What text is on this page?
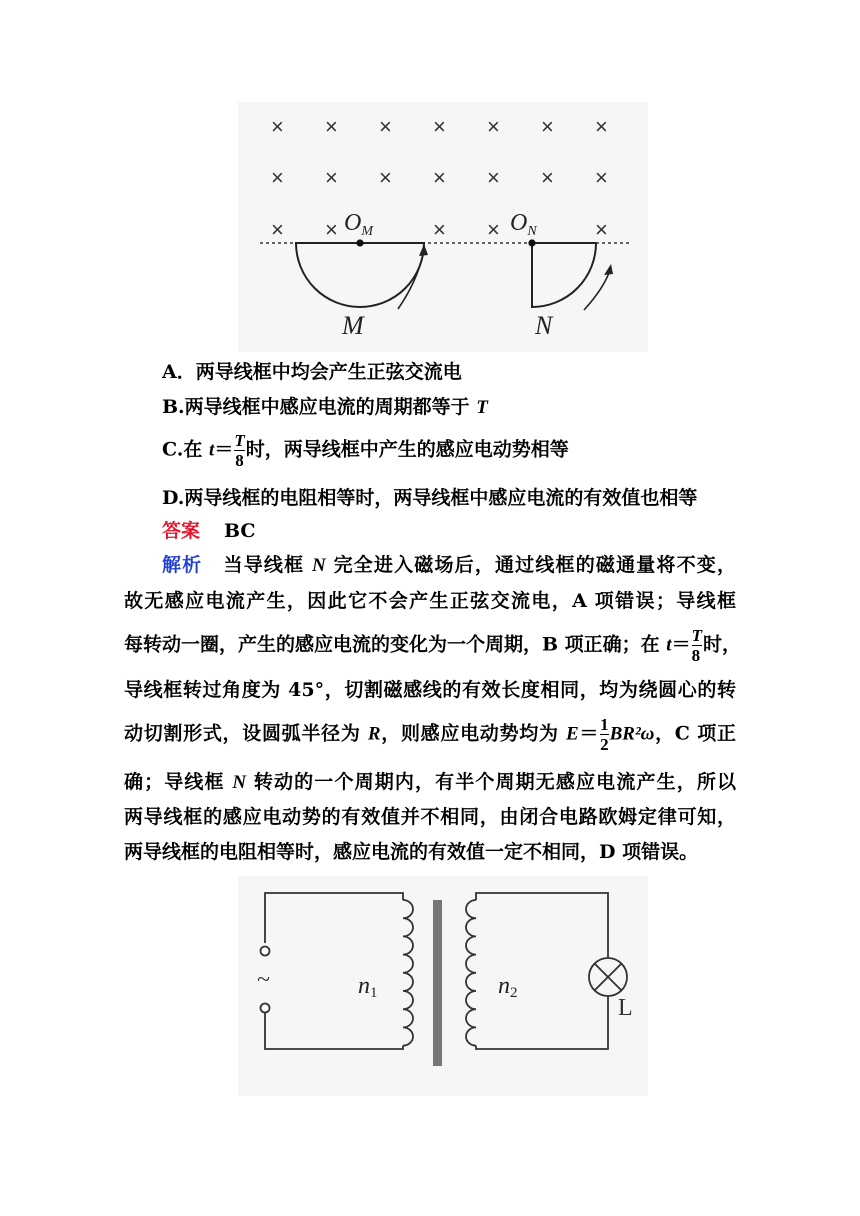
× × × × × × ×
× × × × × × ×
× ×	× ×	×
$O_M$	$O_N$
M	N
A．两导线框中均会产生正弦交流电
B.两导线框中感应电流的周期都等于 T
C.在 $t= \frac{T}{8}$ 时，两导线框中产生的感应电动势相等
D.两导线框的电阻相等时，两导线框中感应电流的有效值也相等
答案 BC
解析 当导线框 N 完全进入磁场后，通过线框的磁通量将不变，
故无感应电流产生，因此它不会产生正弦交流电，A 项错误；导线框
每转动一圈，产生的感应电流的变化为一个周期，B 项正确；在 $t= \frac{T}{8}$ 时，
导线框转过角度为 45°，切割磁感线的有效长度相同，均为绕圆心的转
动切割形式，设圆弧半径为 R，则感应电动势均为 $E= \frac{1}{2} BR^2\omega$，C 项正
确；导线框 N 转动的一个周期内，有半个周期无感应电流产生，所以
两导线框的感应电动势的有效值并不相同，由闭合电路欧姆定律可知，
两导线框的电阻相等时，感应电流的有效值一定不相同，D 项错误。
~	n1	n2
L
